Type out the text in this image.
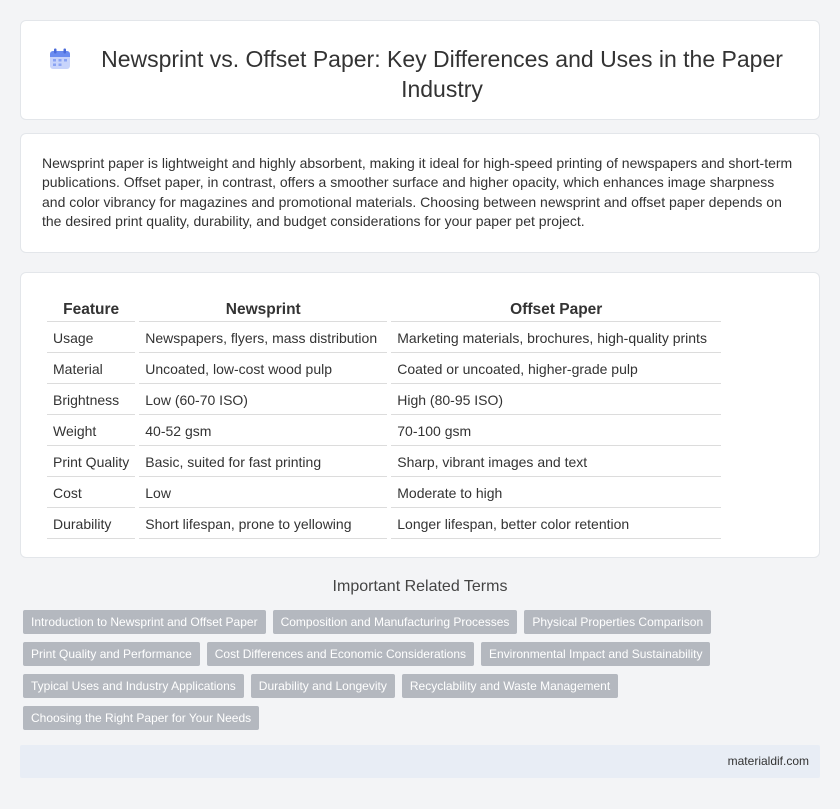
Newsprint vs. Offset Paper: Key Differences and Uses in the Paper Industry

Newsprint paper is lightweight and highly absorbent, making it ideal for high-speed printing of newspapers and short-term publications. Offset paper, in contrast, offers a smoother surface and higher opacity, which enhances image sharpness and color vibrancy for magazines and promotional materials. Choosing between newsprint and offset paper depends on the desired print quality, durability, and budget considerations for your paper pet project.

Feature	Newsprint	Offset Paper
Usage	Newspapers, flyers, mass distribution	Marketing materials, brochures, high-quality prints
Material	Uncoated, low-cost wood pulp	Coated or uncoated, higher-grade pulp
Brightness	Low (60-70 ISO)	High (80-95 ISO)
Weight	40-52 gsm	70-100 gsm
Print Quality	Basic, suited for fast printing	Sharp, vibrant images and text
Cost	Low	Moderate to high
Durability	Short lifespan, prone to yellowing	Longer lifespan, better color retention
Important Related Terms
Introduction to Newsprint and Offset Paper	Composition and Manufacturing Processes	Physical Properties Comparison
Print Quality and Performance	Cost Differences and Economic Considerations	Environmental Impact and Sustainability
Typical Uses and Industry Applications	Durability and Longevity	Recyclability and Waste Management
Choosing the Right Paper for Your Needs
materialdif.com
